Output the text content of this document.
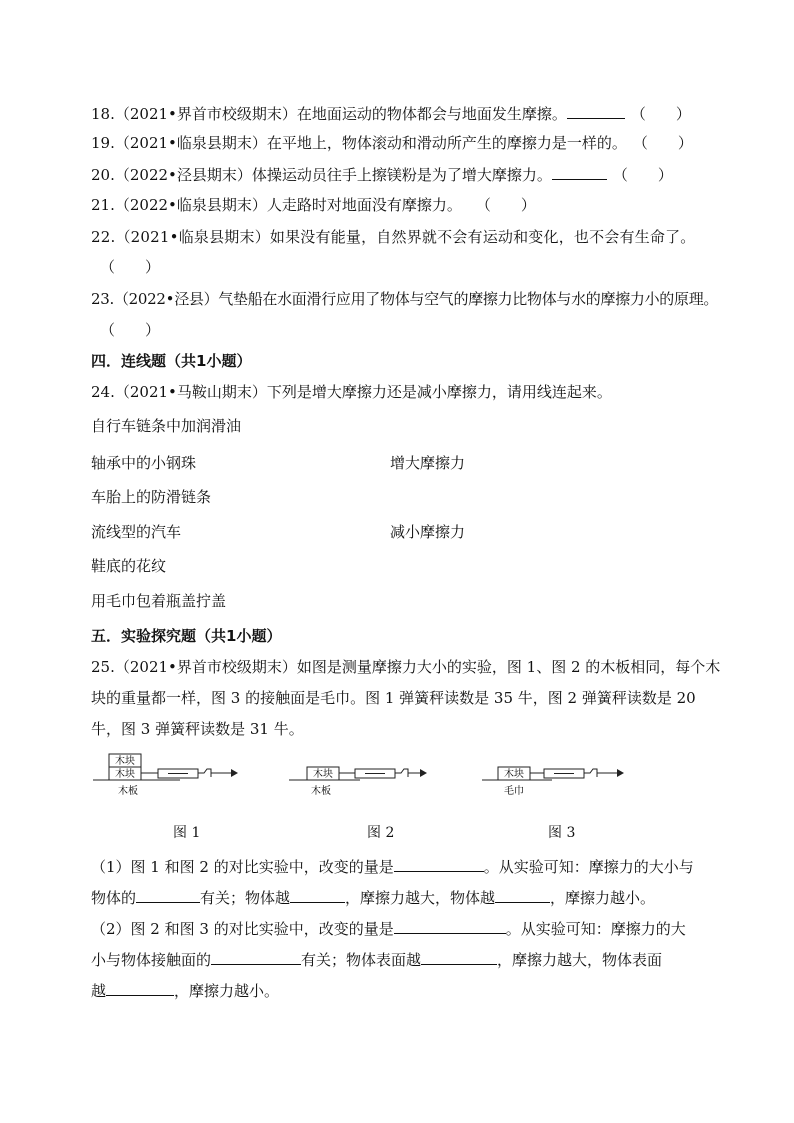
18.（2021•界首市校级期末）在地面运动的物体都会与地面发生摩擦。	（　　）
19.（2021•临泉县期末）在平地上，物体滚动和滑动所产生的摩擦力是一样的。 （　　）
20.（2022•泾县期末）体操运动员往手上擦镁粉是为了增大摩擦力。	（　　）
21.（2022•临泉县期末）人走路时对地面没有摩擦力。 （　　）
22.（2021•临泉县期末）如果没有能量，自然界就不会有运动和变化，也不会有生命了。
（　　）
23.（2022•泾县）气垫船在水面滑行应用了物体与空气的摩擦力比物体与水的摩擦力小的原理。
（　　）
四．连线题（共1小题）
24.（2021•马鞍山期末）下列是增大摩擦力还是减小摩擦力，请用线连起来。
自行车链条中加润滑油
轴承中的小钢珠
车胎上的防滑链条
流线型的汽车
鞋底的花纹
用毛巾包着瓶盖拧盖
增大摩擦力
减小摩擦力
五．实验探究题（共1小题）
25.（2021•界首市校级期末）如图是测量摩擦力大小的实验，图 1、图 2 的木板相同，每个木
块的重量都一样，图 3 的接触面是毛巾。图 1 弹簧秤读数是 35 牛，图 2 弹簧秤读数是 20
牛，图 3 弹簧秤读数是 31 牛。
木块
木块
木板
图 1
木块
木板
图 2
木块
毛巾
图 3
（1）图 1 和图 2 的对比实验中，改变的量是	。从实验可知：摩擦力的大小与
物体的	有关；物体越	，摩擦力越大，物体越	，摩擦力越小。
（2）图 2 和图 3 的对比实验中，改变的量是	。从实验可知：摩擦力的大
小与物体接触面的	有关；物体表面越	，摩擦力越大，物体表面
越	，摩擦力越小。
